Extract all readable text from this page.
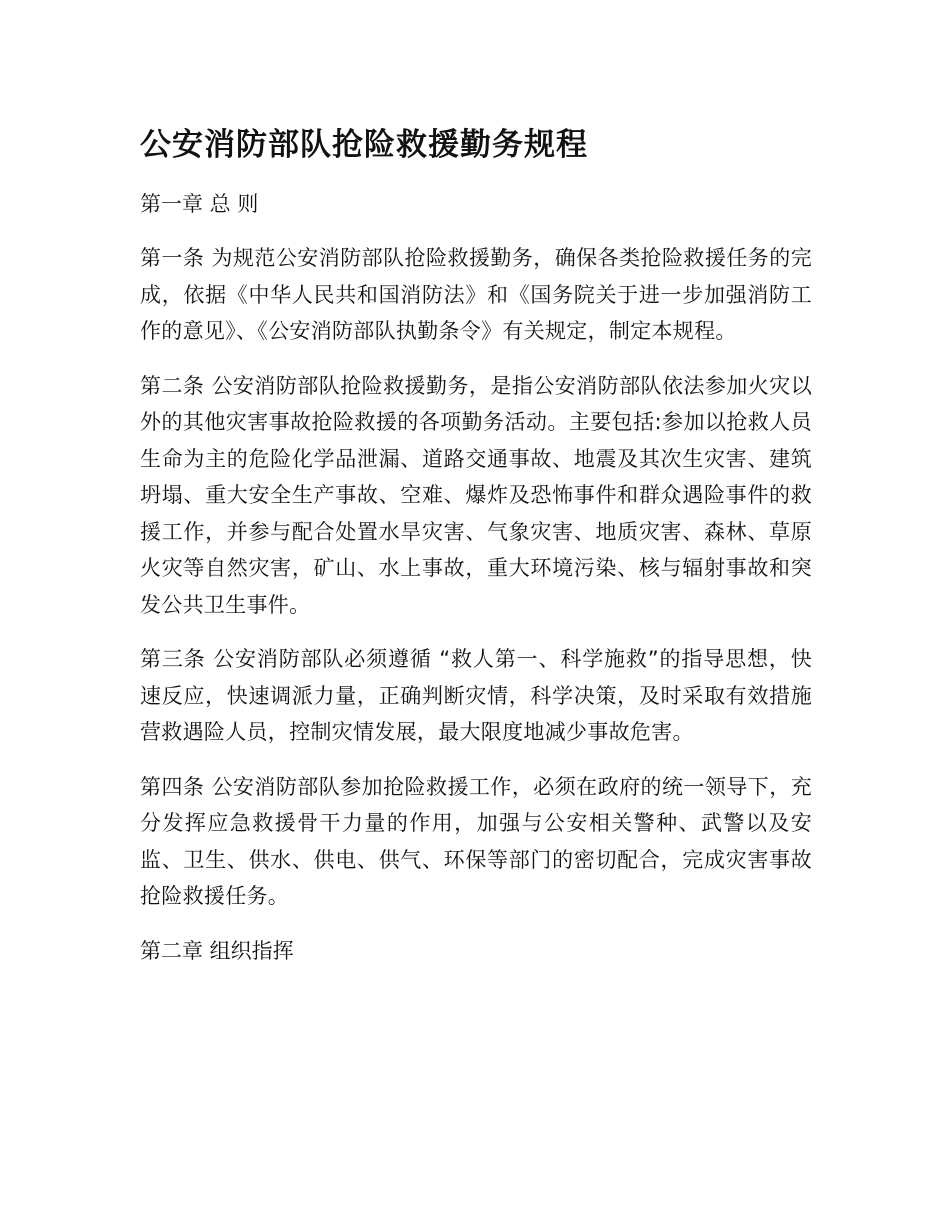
公安消防部队抢险救援勤务规程
第一章 总 则

第一条 为规范公安消防部队抢险救援勤务，确保各类抢险救援任务的完成，依据《中华人民共和国消防法》和《国务院关于进一步加强消防工作的意见》、《公安消防部队执勤条令》有关规定，制定本规程。

第二条 公安消防部队抢险救援勤务，是指公安消防部队依法参加火灾以外的其他灾害事故抢险救援的各项勤务活动。主要包括:参加以抢救人员生命为主的危险化学品泄漏、道路交通事故、地震及其次生灾害、建筑坍塌、重大安全生产事故、空难、爆炸及恐怖事件和群众遇险事件的救援工作，并参与配合处置水旱灾害、气象灾害、地质灾害、森林、草原火灾等自然灾害，矿山、水上事故，重大环境污染、核与辐射事故和突发公共卫生事件。

第三条 公安消防部队必须遵循 “救人第一、科学施救”的指导思想，快速反应，快速调派力量，正确判断灾情，科学决策，及时采取有效措施营救遇险人员，控制灾情发展，最大限度地减少事故危害。

第四条 公安消防部队参加抢险救援工作，必须在政府的统一领导下，充分发挥应急救援骨干力量的作用，加强与公安相关警种、武警以及安监、卫生、供水、供电、供气、环保等部门的密切配合，完成灾害事故抢险救援任务。

第二章 组织指挥
